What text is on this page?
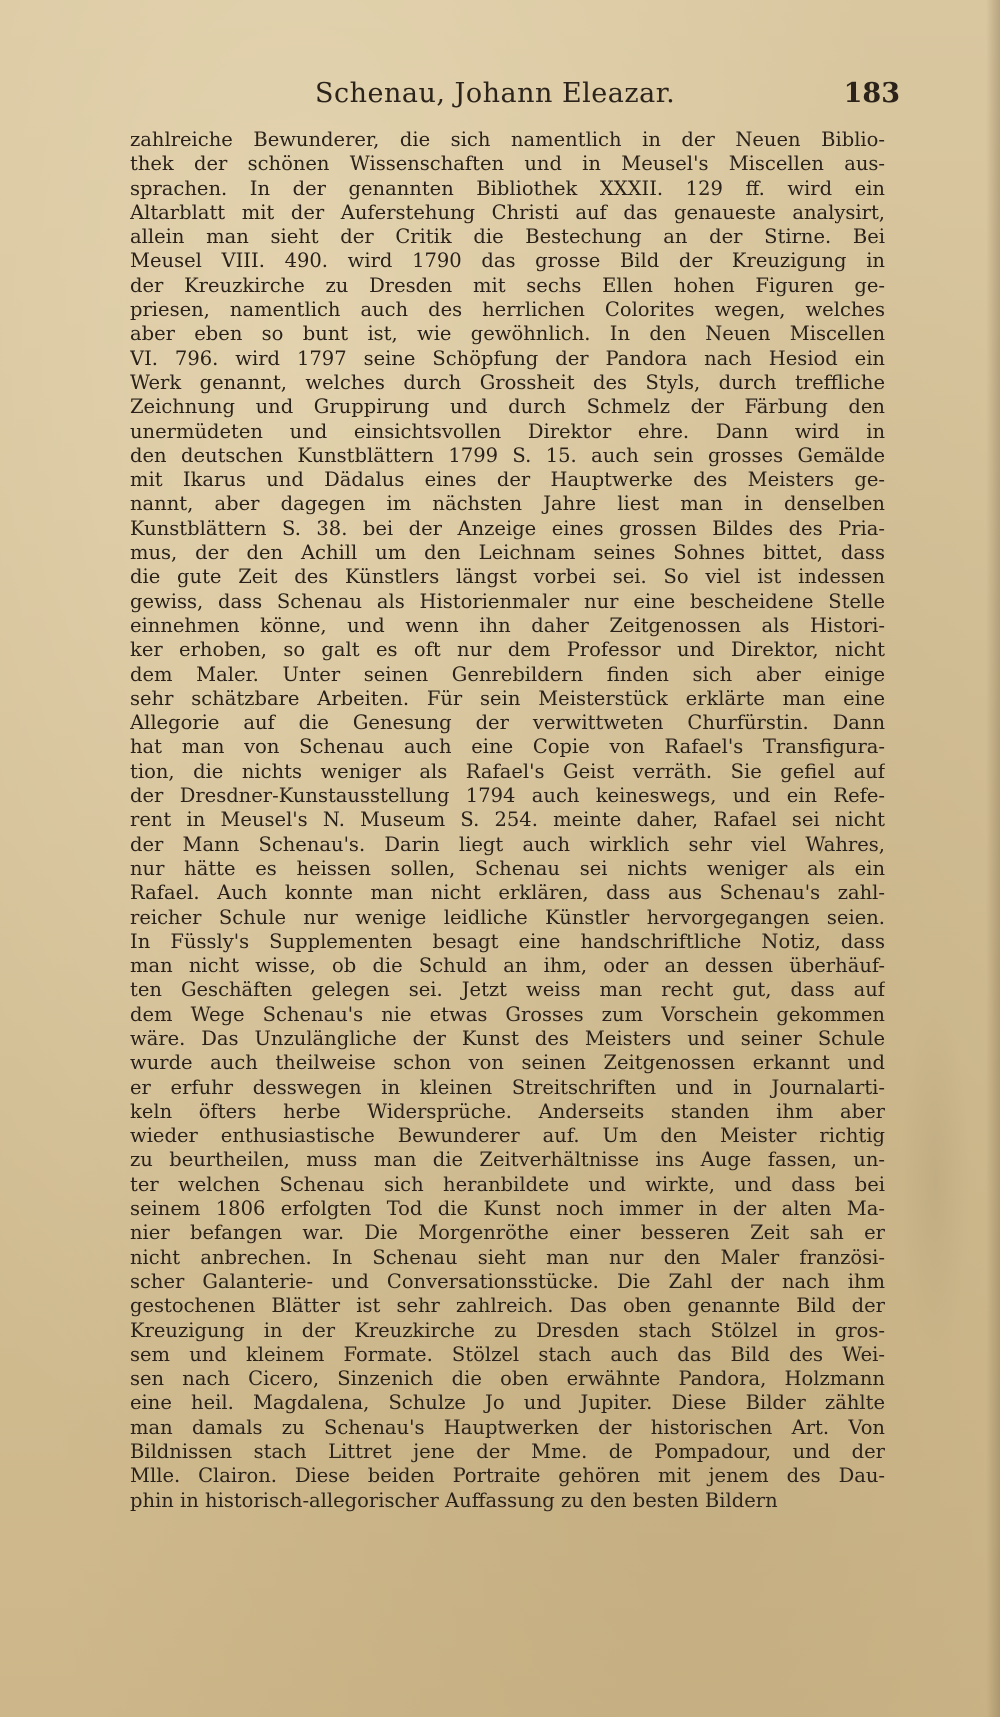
Schenau, Johann Eleazar.	183
zahlreiche Bewunderer, die sich namentlich in der Neuen Biblio-
thek der schönen Wissenschaften und in Meusel's Miscellen aus-
sprachen. In der genannten Bibliothek XXXII. 129 ff. wird ein
Altarblatt mit der Auferstehung Christi auf das genaueste analysirt,
allein man sieht der Critik die Bestechung an der Stirne. Bei
Meusel VIII. 490. wird 1790 das grosse Bild der Kreuzigung in
der Kreuzkirche zu Dresden mit sechs Ellen hohen Figuren ge-
priesen, namentlich auch des herrlichen Colorites wegen, welches
aber eben so bunt ist, wie gewöhnlich. In den Neuen Miscellen
VI. 796. wird 1797 seine Schöpfung der Pandora nach Hesiod ein
Werk genannt, welches durch Grossheit des Styls, durch treffliche
Zeichnung und Gruppirung und durch Schmelz der Färbung den
unermüdeten und einsichtsvollen Direktor ehre. Dann wird in
den deutschen Kunstblättern 1799 S. 15. auch sein grosses Gemälde
mit Ikarus und Dädalus eines der Hauptwerke des Meisters ge-
nannt, aber dagegen im nächsten Jahre liest man in denselben
Kunstblättern S. 38. bei der Anzeige eines grossen Bildes des Pria-
mus, der den Achill um den Leichnam seines Sohnes bittet, dass
die gute Zeit des Künstlers längst vorbei sei. So viel ist indessen
gewiss, dass Schenau als Historienmaler nur eine bescheidene Stelle
einnehmen könne, und wenn ihn daher Zeitgenossen als Histori-
ker erhoben, so galt es oft nur dem Professor und Direktor, nicht
dem Maler. Unter seinen Genrebildern finden sich aber einige
sehr schätzbare Arbeiten. Für sein Meisterstück erklärte man eine
Allegorie auf die Genesung der verwittweten Churfürstin. Dann
hat man von Schenau auch eine Copie von Rafael's Transfigura-
tion, die nichts weniger als Rafael's Geist verräth. Sie gefiel auf
der Dresdner-Kunstausstellung 1794 auch keineswegs, und ein Refe-
rent in Meusel's N. Museum S. 254. meinte daher, Rafael sei nicht
der Mann Schenau's. Darin liegt auch wirklich sehr viel Wahres,
nur hätte es heissen sollen, Schenau sei nichts weniger als ein
Rafael. Auch konnte man nicht erklären, dass aus Schenau's zahl-
reicher Schule nur wenige leidliche Künstler hervorgegangen seien.
In Füssly's Supplementen besagt eine handschriftliche Notiz, dass
man nicht wisse, ob die Schuld an ihm, oder an dessen überhäuf-
ten Geschäften gelegen sei. Jetzt weiss man recht gut, dass auf
dem Wege Schenau's nie etwas Grosses zum Vorschein gekommen
wäre. Das Unzulängliche der Kunst des Meisters und seiner Schule
wurde auch theilweise schon von seinen Zeitgenossen erkannt und
er erfuhr desswegen in kleinen Streitschriften und in Journalarti-
keln öfters herbe Widersprüche. Anderseits standen ihm aber
wieder enthusiastische Bewunderer auf. Um den Meister richtig
zu beurtheilen, muss man die Zeitverhältnisse ins Auge fassen, un-
ter welchen Schenau sich heranbildete und wirkte, und dass bei
seinem 1806 erfolgten Tod die Kunst noch immer in der alten Ma-
nier befangen war. Die Morgenröthe einer besseren Zeit sah er
nicht anbrechen. In Schenau sieht man nur den Maler französi-
scher Galanterie- und Conversationsstücke. Die Zahl der nach ihm
gestochenen Blätter ist sehr zahlreich. Das oben genannte Bild der
Kreuzigung in der Kreuzkirche zu Dresden stach Stölzel in gros-
sem und kleinem Formate. Stölzel stach auch das Bild des Wei-
sen nach Cicero, Sinzenich die oben erwähnte Pandora, Holzmann
eine heil. Magdalena, Schulze Jo und Jupiter. Diese Bilder zählte
man damals zu Schenau's Hauptwerken der historischen Art. Von
Bildnissen stach Littret jene der Mme. de Pompadour, und der
Mlle. Clairon. Diese beiden Portraite gehören mit jenem des Dau-
phin in historisch-allegorischer Auffassung zu den besten Bildern
